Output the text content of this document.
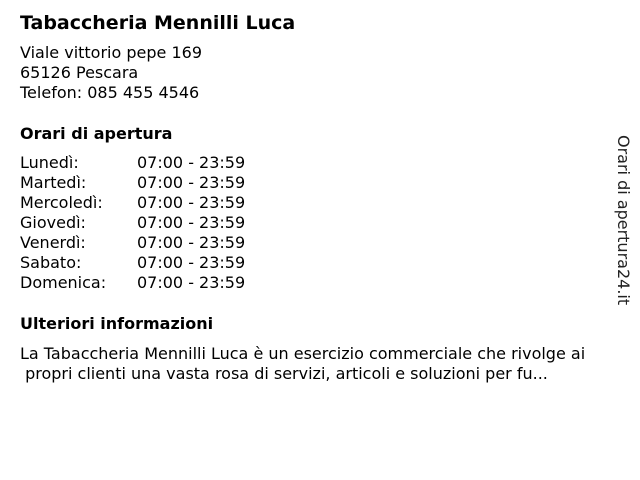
Tabaccheria Mennilli Luca
Viale vittorio pepe 169
65126 Pescara
Telefon: 085 455 4546
Orari di apertura
Lunedì:	07:00 - 23:59
Martedì:	07:00 - 23:59
Mercoledì:	07:00 - 23:59
Giovedì:	07:00 - 23:59
Venerdì:	07:00 - 23:59
Sabato:	07:00 - 23:59
Domenica:	07:00 - 23:59
Ulteriori informazioni
La Tabaccheria Mennilli Luca è un esercizio commerciale che rivolge ai
propri clienti una vasta rosa di servizi, articoli e soluzioni per fu...
Orari di apertura24.it
